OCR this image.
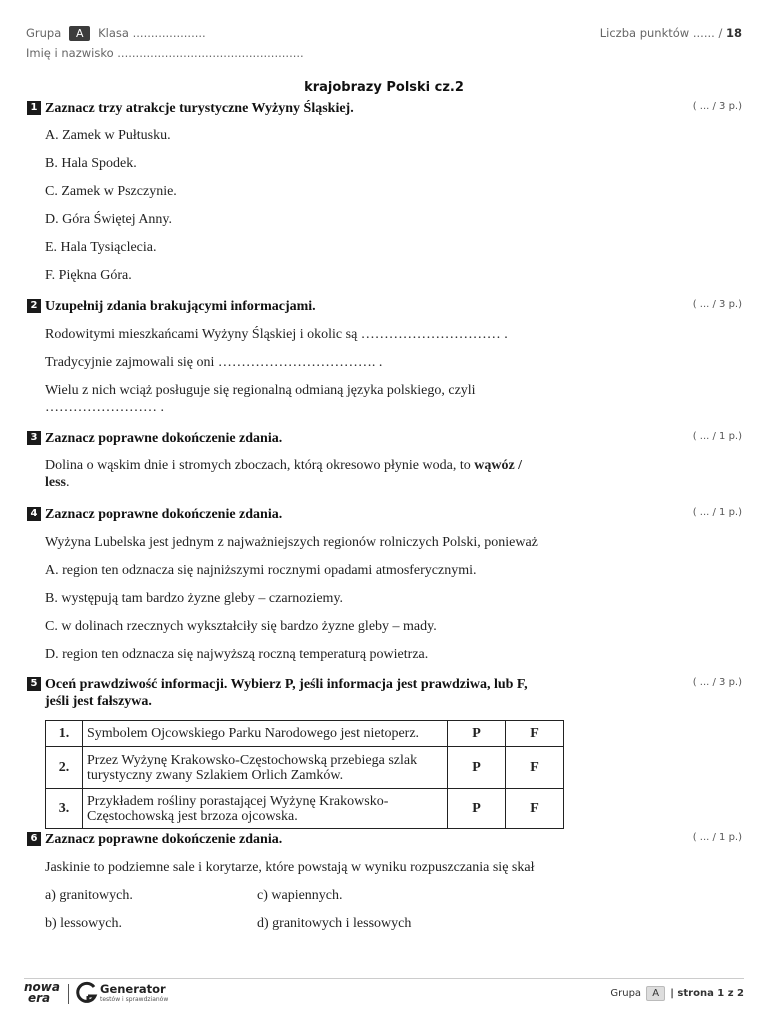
Grupa A Klasa ....................
Imię i nazwisko ...................................................
Liczba punktów ...... / 18
krajobrazy Polski cz.2
1 Zaznacz trzy atrakcje turystyczne Wyżyny Śląskiej.	( ... / 3 p.)
A. Zamek w Pułtusku.
B. Hala Spodek.
C. Zamek w Pszczynie.
D. Góra Świętej Anny.
E. Hala Tysiąclecia.
F. Piękna Góra.
2 Uzupełnij zdania brakującymi informacjami.	( ... / 3 p.)
Rodowitymi mieszkańcami Wyżyny Śląskiej i okolic są ………………………… .
Tradycyjnie zajmowali się oni ……………………………. .
Wielu z nich wciąż posługuje się regionalną odmianą języka polskiego, czyli
…………………… .
3 Zaznacz poprawne dokończenie zdania.	( ... / 1 p.)
Dolina o wąskim dnie i stromych zboczach, którą okresowo płynie woda, to wąwóz /
less.
4 Zaznacz poprawne dokończenie zdania.	( ... / 1 p.)
Wyżyna Lubelska jest jednym z najważniejszych regionów rolniczych Polski, ponieważ
A. region ten odznacza się najniższymi rocznymi opadami atmosferycznymi.
B. występują tam bardzo żyzne gleby – czarnoziemy.
C. w dolinach rzecznych wykształciły się bardzo żyzne gleby – mady.
D. region ten odznacza się najwyższą roczną temperaturą powietrza.
5 Oceń prawdziwość informacji. Wybierz P, jeśli informacja jest prawdziwa, lub F,
jeśli jest fałszywa.
( ... / 3 p.)
1.	Symbolem Ojcowskiego Parku Narodowego jest nietoperz.	P	F
2.	Przez Wyżynę Krakowsko-Częstochowską przebiega szlak turystyczny zwany Szlakiem Orlich Zamków.	P	F
3.	Przykładem rośliny porastającej Wyżynę Krakowsko-Częstochowską jest brzoza ojcowska.	P	F
6 Zaznacz poprawne dokończenie zdania.	( ... / 1 p.)
Jaskinie to podziemne sale i korytarze, które powstają w wyniku rozpuszczania się skał
a) granitowych.	c) wapiennych.
b) lessowych.	d) granitowych i lessowych
nowa
era
Generator
testów i sprawdzianów
Grupa A | strona 1 z 2
